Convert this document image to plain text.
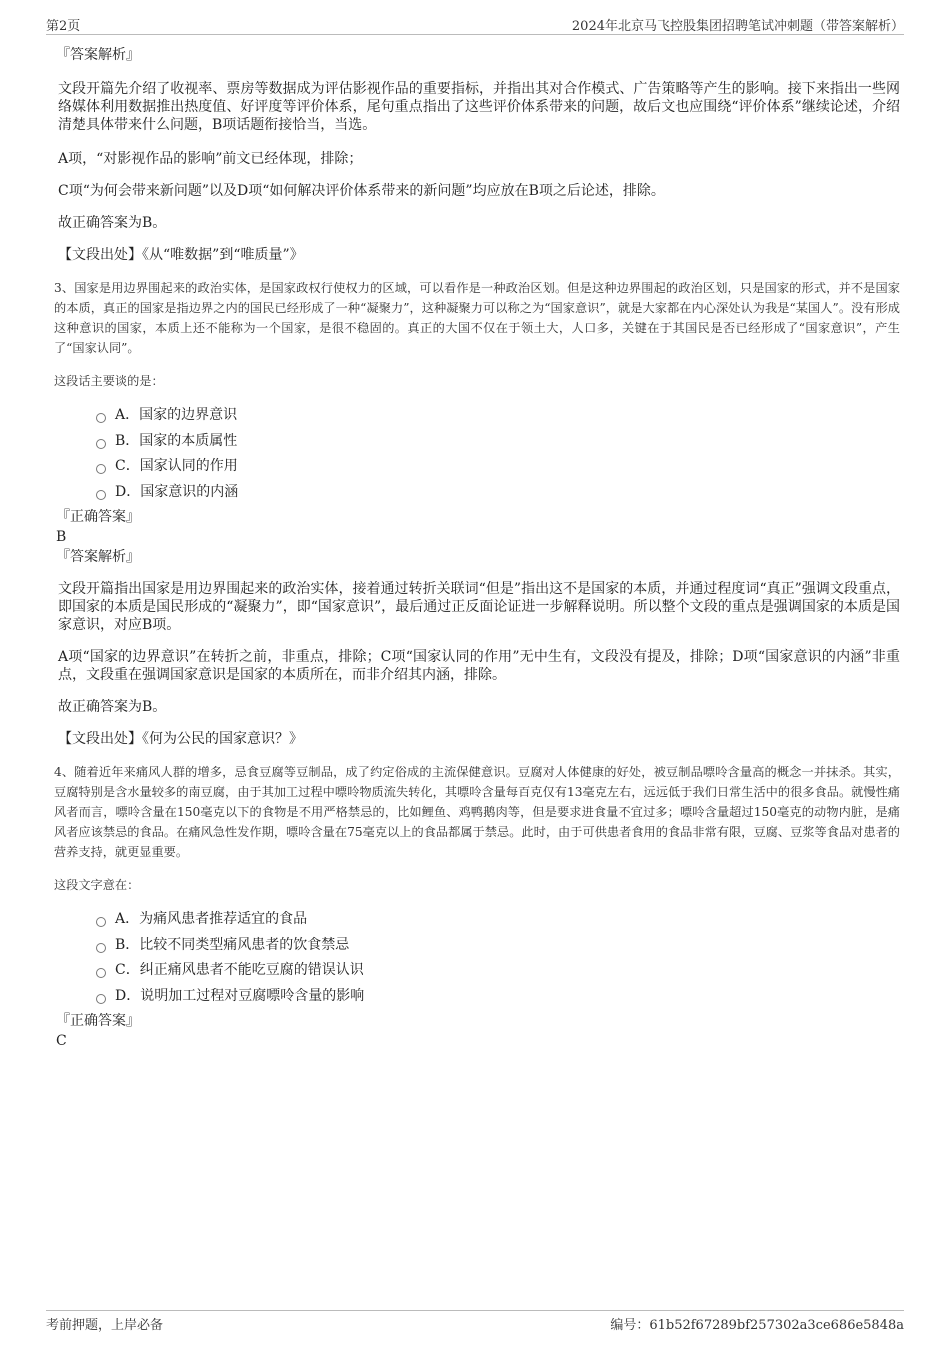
第2页	2024年北京马飞控股集团招聘笔试冲刺题（带答案解析）
『答案解析』
文段开篇先介绍了收视率、票房等数据成为评估影视作品的重要指标，并指出其对合作模式、广告策略等产生的影响。接下来指出一些网络媒体利用数据推出热度值、好评度等评价体系，尾句重点指出了这些评价体系带来的问题，故后文也应围绕“评价体系”继续论述，介绍清楚具体带来什么问题，B项话题衔接恰当，当选。
A项，“对影视作品的影响”前文已经体现，排除；
C项“为何会带来新问题”以及D项“如何解决评价体系带来的新问题”均应放在B项之后论述，排除。
故正确答案为B。
【文段出处】《从“唯数据”到“唯质量”》
3、国家是用边界围起来的政治实体，是国家政权行使权力的区域，可以看作是一种政治区划。但是这种边界围起的政治区划，只是国家的形式，并不是国家的本质，真正的国家是指边界之内的国民已经形成了一种“凝聚力”，这种凝聚力可以称之为“国家意识”，就是大家都在内心深处认为我是“某国人”。没有形成这种意识的国家，本质上还不能称为一个国家，是很不稳固的。真正的大国不仅在于领土大，人口多，关键在于其国民是否已经形成了“国家意识”，产生了“国家认同”。
这段话主要谈的是：
A．国家的边界意识
B．国家的本质属性
C．国家认同的作用
D．国家意识的内涵
『正确答案』
B
『答案解析』
文段开篇指出国家是用边界围起来的政治实体，接着通过转折关联词“但是”指出这不是国家的本质，并通过程度词“真正”强调文段重点，即国家的本质是国民形成的“凝聚力”，即“国家意识”，最后通过正反面论证进一步解释说明。所以整个文段的重点是强调国家的本质是国家意识，对应B项。
A项“国家的边界意识”在转折之前，非重点，排除；C项“国家认同的作用”无中生有，文段没有提及，排除；D项“国家意识的内涵”非重点，文段重在强调国家意识是国家的本质所在，而非介绍其内涵，排除。
故正确答案为B。
【文段出处】《何为公民的国家意识？》
4、随着近年来痛风人群的增多，忌食豆腐等豆制品，成了约定俗成的主流保健意识。豆腐对人体健康的好处，被豆制品嘌呤含量高的概念一并抹杀。其实，豆腐特别是含水量较多的南豆腐，由于其加工过程中嘌呤物质流失转化，其嘌呤含量每百克仅有13毫克左右，远远低于我们日常生活中的很多食品。就慢性痛风者而言，嘌呤含量在150毫克以下的食物是不用严格禁忌的，比如鲤鱼、鸡鸭鹅肉等，但是要求进食量不宜过多；嘌呤含量超过150毫克的动物内脏，是痛风者应该禁忌的食品。在痛风急性发作期，嘌呤含量在75毫克以上的食品都属于禁忌。此时，由于可供患者食用的食品非常有限，豆腐、豆浆等食品对患者的营养支持，就更显重要。
这段文字意在：
A．为痛风患者推荐适宜的食品
B．比较不同类型痛风患者的饮食禁忌
C．纠正痛风患者不能吃豆腐的错误认识
D．说明加工过程对豆腐嘌呤含量的影响
『正确答案』
C
考前押题，上岸必备	编号：61b52f67289bf257302a3ce686e5848a
